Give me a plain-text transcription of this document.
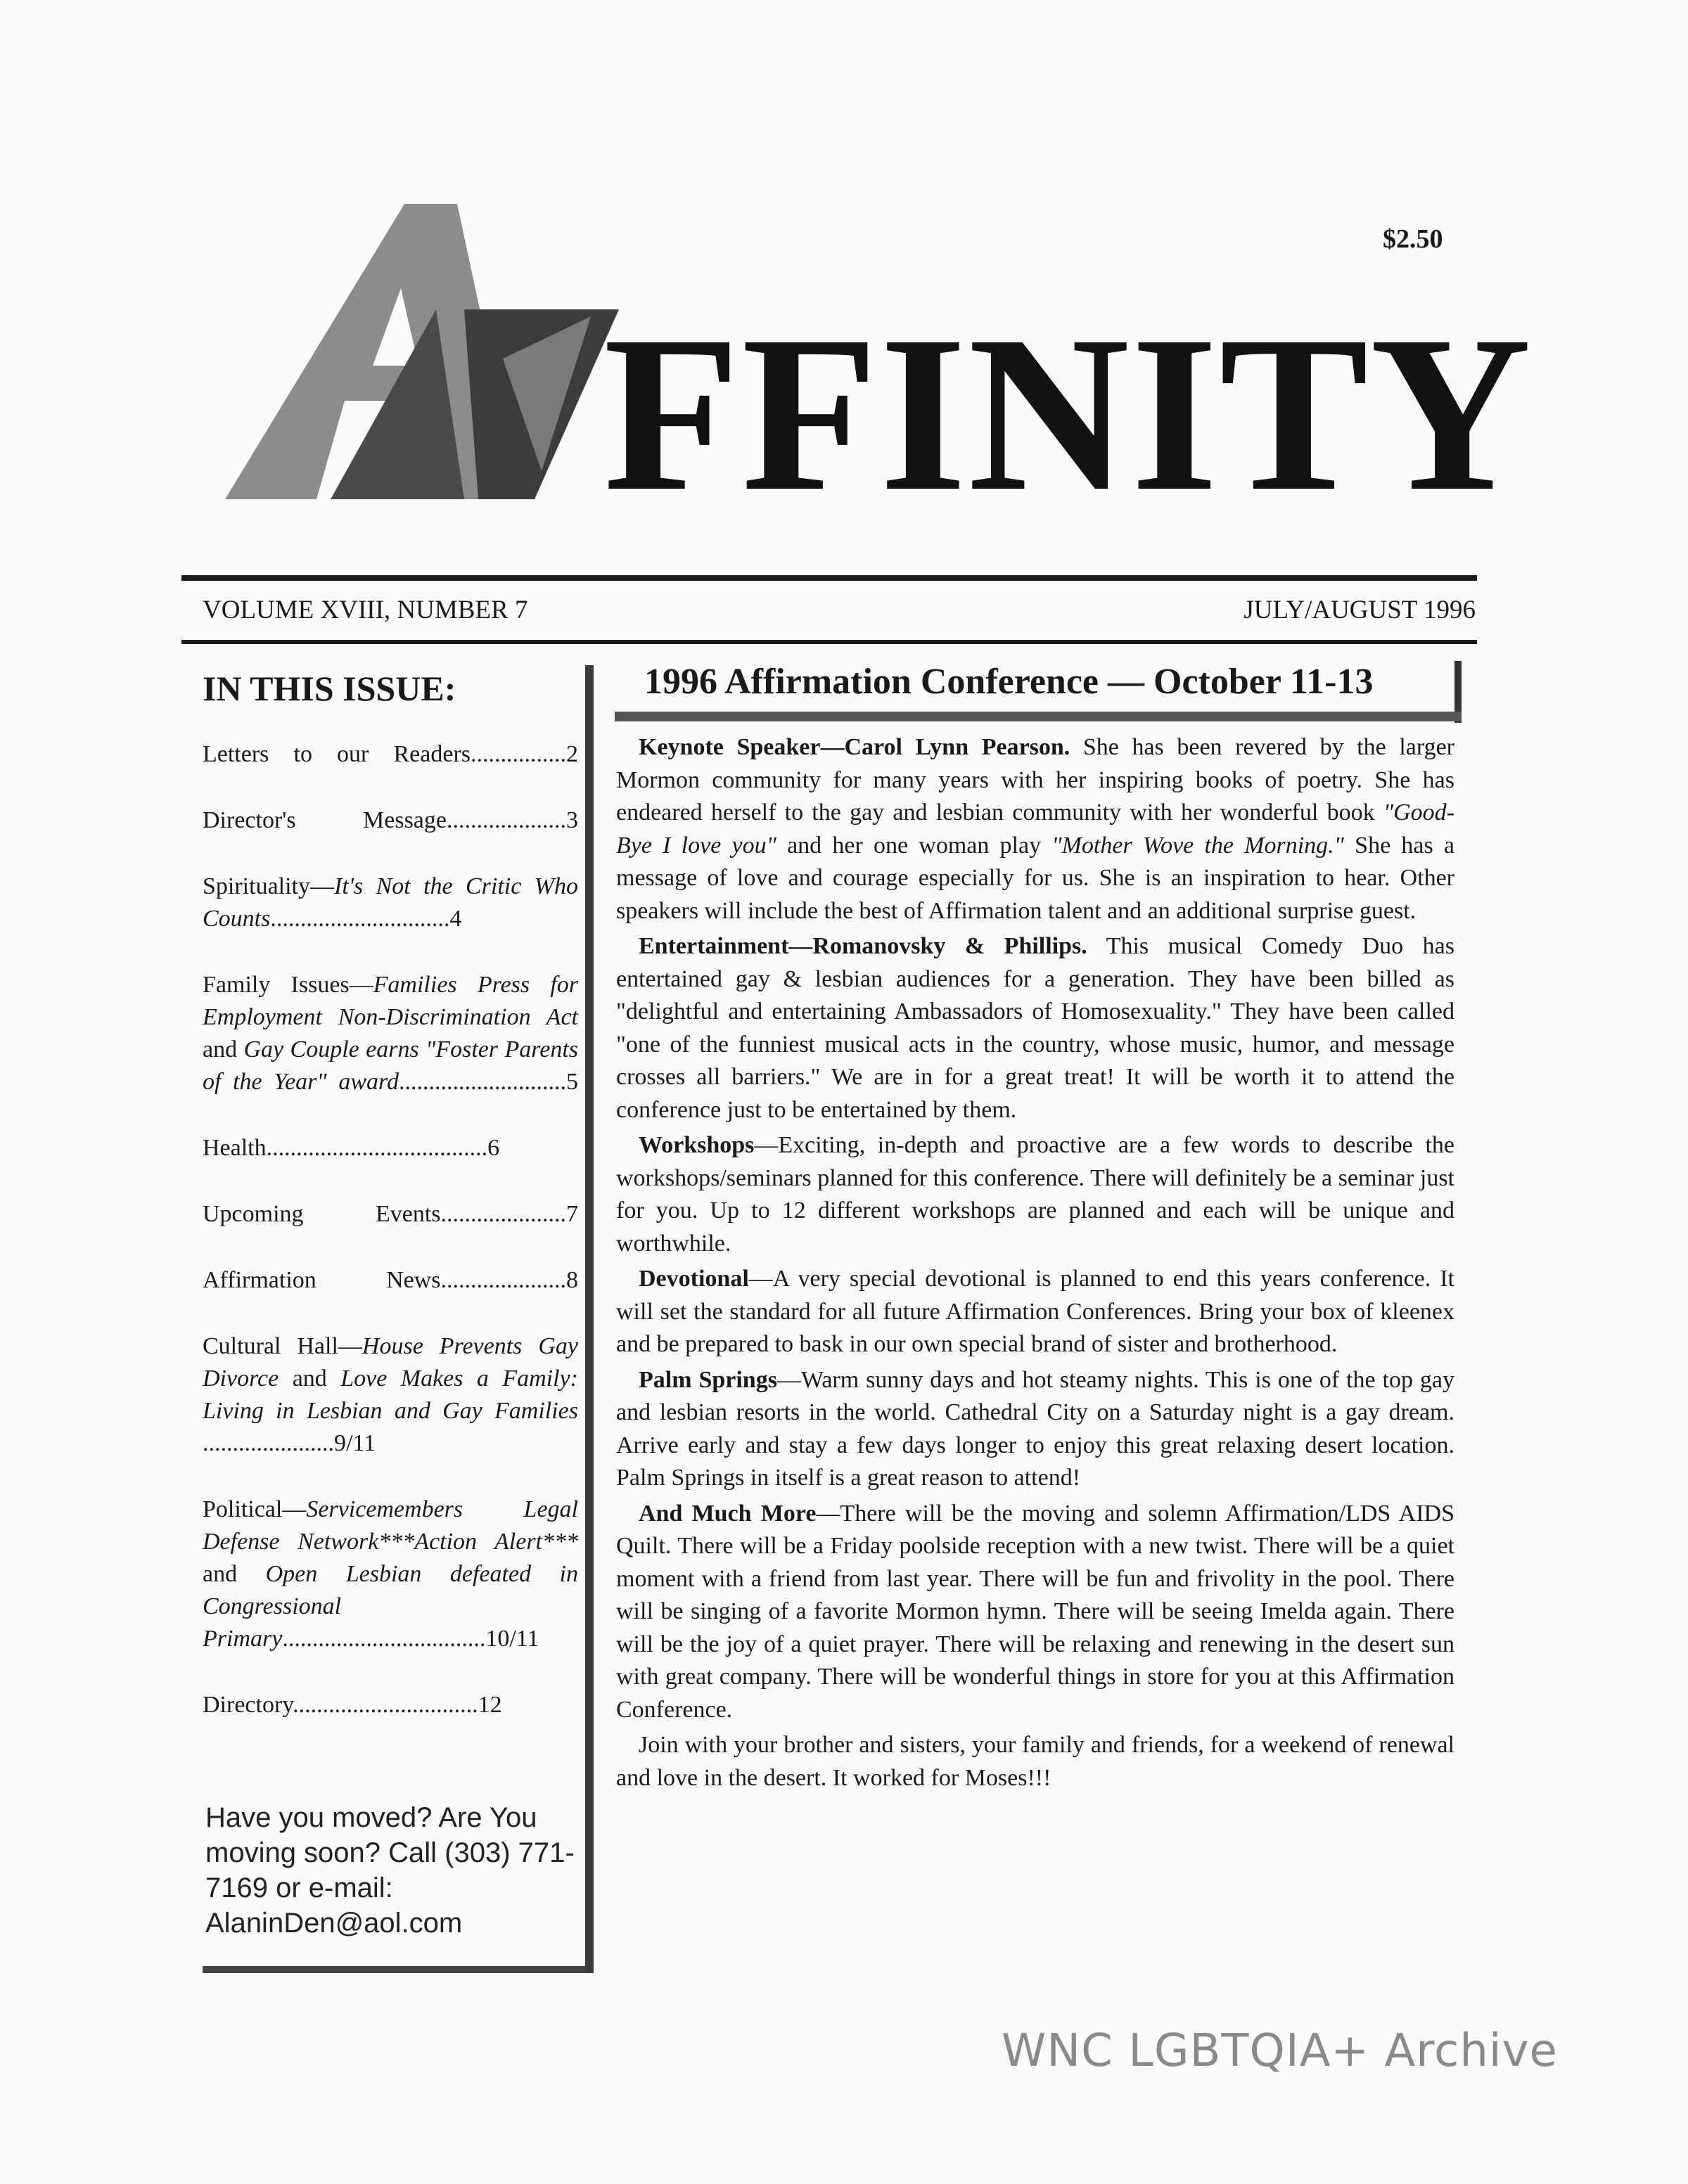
$2.50
FFINITY
VOLUME XVIII, NUMBER 7	JULY/AUGUST 1996
IN THIS ISSUE:
Letters to our Readers................2
Director's Message....................3
Spirituality—It's Not the Critic Who Counts..............................4
Family Issues—Families Press for Employment Non-Discrimination Act and Gay Couple earns "Foster Parents of the Year" award............................5
Health.....................................6
Upcoming Events.....................7
Affirmation News.....................8
Cultural Hall—House Prevents Gay Divorce and Love Makes a Family: Living in Lesbian and Gay Families ......................9/11
Political—Servicemembers Legal Defense Network***Action Alert*** and Open Lesbian defeated in Congressional Primary..................................10/11
Directory...............................12
Have you moved? Are You moving soon? Call (303) 771-7169 or e-mail: AlaninDen@aol.com
1996 Affirmation Conference — October 11-13

Keynote Speaker—Carol Lynn Pearson. She has been revered by the larger Mormon community for many years with her inspiring books of poetry. She has endeared herself to the gay and lesbian community with her wonderful book "Good-Bye I love you" and her one woman play "Mother Wove the Morning." She has a message of love and courage especially for us. She is an inspiration to hear. Other speakers will include the best of Affirmation talent and an additional surprise guest.

Entertainment—Romanovsky & Phillips. This musical Comedy Duo has entertained gay & lesbian audiences for a generation. They have been billed as "delightful and entertaining Ambassadors of Homosexuality." They have been called "one of the funniest musical acts in the country, whose music, humor, and message crosses all barriers." We are in for a great treat! It will be worth it to attend the conference just to be entertained by them.

Workshops—Exciting, in-depth and proactive are a few words to describe the workshops/seminars planned for this conference. There will definitely be a seminar just for you. Up to 12 different workshops are planned and each will be unique and worthwhile.

Devotional—A very special devotional is planned to end this years conference. It will set the standard for all future Affirmation Conferences. Bring your box of kleenex and be prepared to bask in our own special brand of sister and brotherhood.

Palm Springs—Warm sunny days and hot steamy nights. This is one of the top gay and lesbian resorts in the world. Cathedral City on a Saturday night is a gay dream. Arrive early and stay a few days longer to enjoy this great relaxing desert location. Palm Springs in itself is a great reason to attend!

And Much More—There will be the moving and solemn Affirmation/LDS AIDS Quilt. There will be a Friday poolside reception with a new twist. There will be a quiet moment with a friend from last year. There will be fun and frivolity in the pool. There will be singing of a favorite Mormon hymn. There will be seeing Imelda again. There will be the joy of a quiet prayer. There will be relaxing and renewing in the desert sun with great company. There will be wonderful things in store for you at this Affirmation Conference.

Join with your brother and sisters, your family and friends, for a weekend of renewal and love in the desert. It worked for Moses!!!

WNC LGBTQIA+ Archive
